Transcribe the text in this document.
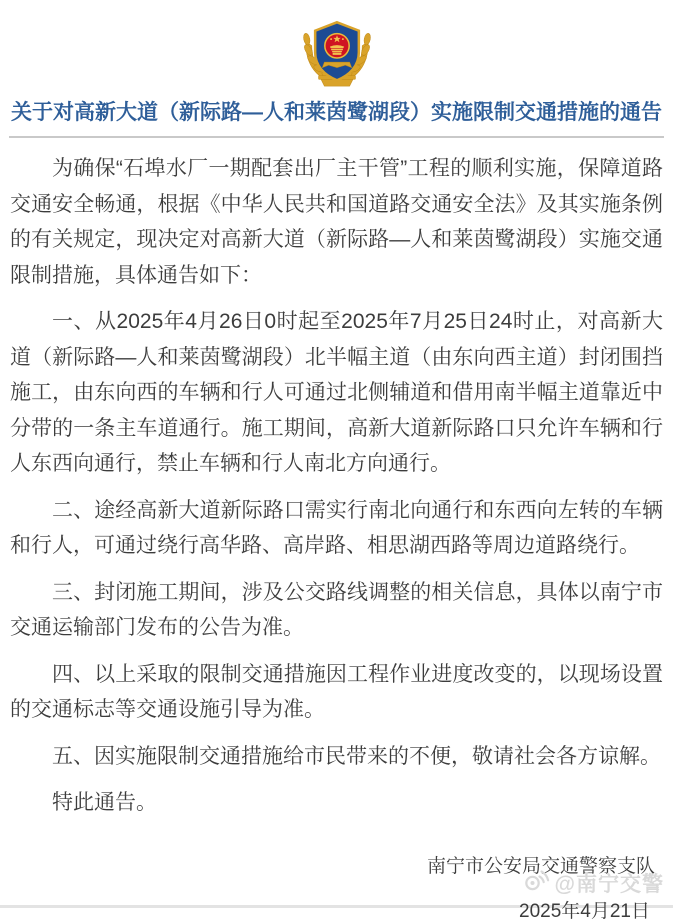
关于对高新大道（新际路—人和莱茵鹭湖段）实施限制交通措施的通告

为确保“石埠水厂一期配套出厂主干管”工程的顺利实施，保障道路交通安全畅通，根据《中华人民共和国道路交通安全法》及其实施条例的有关规定，现决定对高新大道（新际路—人和莱茵鹭湖段）实施交通限制措施，具体通告如下：

一、从2025年4月26日0时起至2025年7月25日24时止，对高新大道（新际路—人和莱茵鹭湖段）北半幅主道（由东向西主道）封闭围挡施工，由东向西的车辆和行人可通过北侧辅道和借用南半幅主道靠近中分带的一条主车道通行。施工期间，高新大道新际路口只允许车辆和行人东西向通行，禁止车辆和行人南北方向通行。

二、途经高新大道新际路口需实行南北向通行和东西向左转的车辆和行人，可通过绕行高华路、高岸路、相思湖西路等周边道路绕行。

三、封闭施工期间，涉及公交路线调整的相关信息，具体以南宁市交通运输部门发布的公告为准。

四、以上采取的限制交通措施因工程作业进度改变的，以现场设置的交通标志等交通设施引导为准。

五、因实施限制交通措施给市民带来的不便，敬请社会各方谅解。

特此通告。

南宁市公安局交通警察支队
2025年4月21日
@南宁交警
